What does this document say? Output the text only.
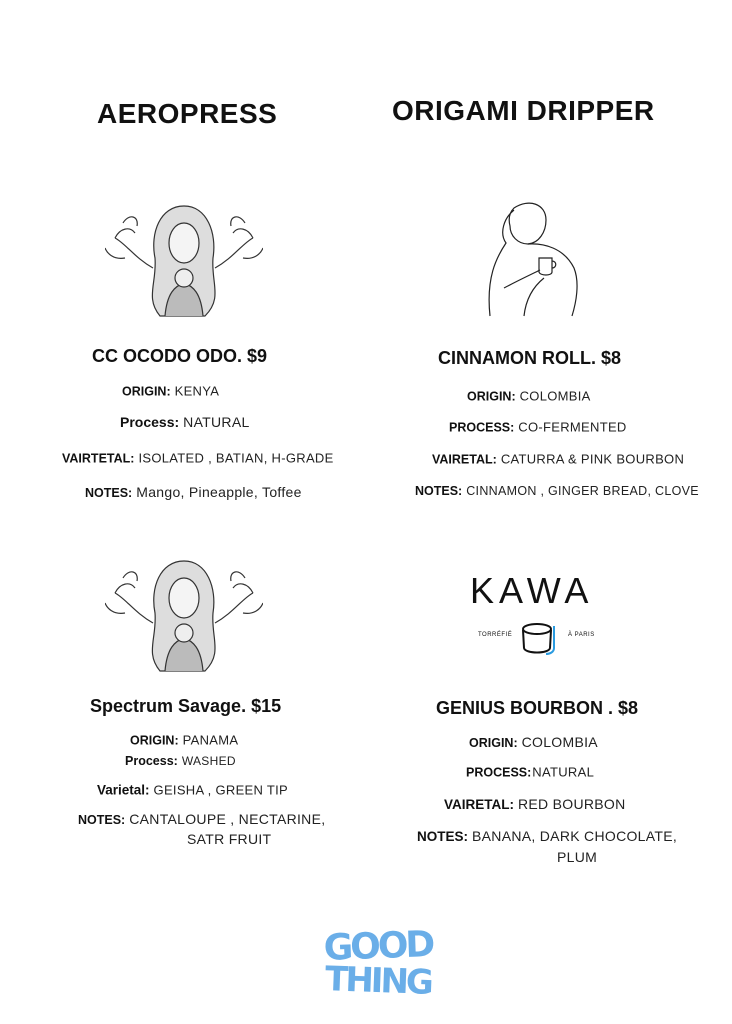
AEROPRESS	ORIGAMI DRIPPER
KAWA
TORRÉFIÉ	À PARIS
CC OCODO ODO. $9
ORIGIN: KENYA
Process: NATURAL
VAIRTETAL: ISOLATED , BATIAN, H-GRADE
NOTES: Mango, Pineapple, Toffee
CINNAMON ROLL. $8
ORIGIN: COLOMBIA
PROCESS: CO-FERMENTED
VAIRETAL: CATURRA & PINK BOURBON
NOTES: CINNAMON , GINGER BREAD, CLOVE
Spectrum Savage. $15
ORIGIN: PANAMA
Process: WASHED
Varietal: GEISHA , GREEN TIP
NOTES: CANTALOUPE , NECTARINE,
SATR FRUIT
GENIUS BOURBON . $8
ORIGIN: COLOMBIA
PROCESS:NATURAL
VAIRETAL: RED BOURBON
NOTES: BANANA, DARK CHOCOLATE,
PLUM
GOOD
THING
